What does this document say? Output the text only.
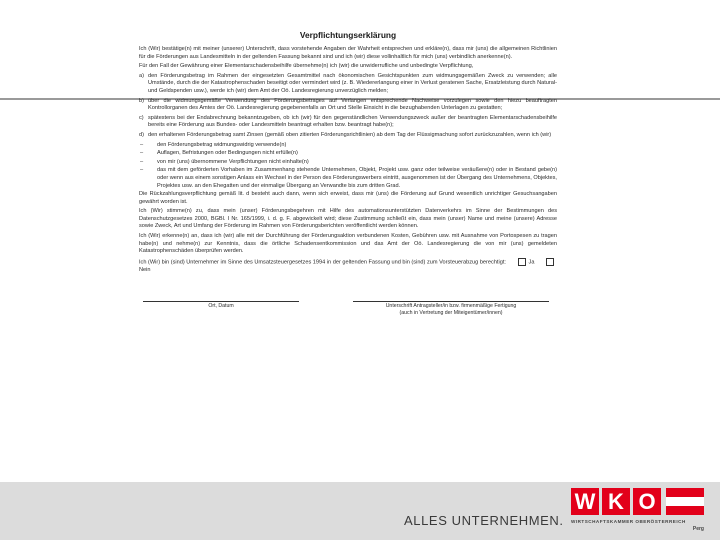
Verpflichtungserklärung

Ich (Wir) bestätige(n) mit meiner (unserer) Unterschrift, dass vorstehende Angaben der Wahrheit entsprechen und erkläre(n), dass mir (uns) die allgemeinen Richtlinien für die Förderungen aus Landesmitteln in der geltenden Fassung bekannt sind und ich (wir) diese vollinhaltlich für mich (uns) verbindlich anerkenne(n).

Für den Fall der Gewährung einer Elementarschadensbeihilfe übernehme(n) ich (wir) die unwiderrufliche und unbedingte Verpflichtung,

a) den Förderungsbetrag im Rahmen der eingesetzten Gesamtmittel nach ökonomischen Gesichtspunkten zum widmungsgemäßen Zweck zu verwenden; alle Umstände, durch die der Katastrophenschaden beseitigt oder vermindert wird (z. B. Wiedererlangung einer in Verlust geratenen Sache, Ersatzleistung durch Natural- und Geldspenden usw.), werde ich (wir) dem Amt der Oö. Landesregierung unverzüglich melden;
b) über die widmungsgemäße Verwendung des Förderungsbetrages auf Verlangen entsprechende Nachweise vorzulegen sowie den hiezu beauftragten Kontrollorganen des Amtes der Oö. Landesregierung gegebenenfalls an Ort und Stelle Einsicht in die bezughabenden Unterlagen zu gestatten;
c) spätestens bei der Endabrechnung bekanntzugeben, ob ich (wir) für den gegenständlichen Verwendungszweck außer der beantragten Elementarschadensbeihilfe bereits eine Förderung aus Bundes- oder Landesmitteln beantragt erhalten bzw. beantragt habe(n);
d) den erhaltenen Förderungsbetrag samt Zinsen (gemäß oben zitierten Förderungsrichtlinien) ab dem Tag der Flüssigmachung sofort zurückzuzahlen, wenn ich (wir)
– den Förderungsbetrag widmungswidrig verwende(n)
– Auflagen, Befristungen oder Bedingungen nicht erfülle(n)
– von mir (uns) übernommene Verpflichtungen nicht einhalte(n)
– das mit dem geförderten Vorhaben im Zusammenhang stehende Unternehmen, Objekt, Projekt usw. ganz oder teilweise veräußere(n) oder in Bestand gebe(n) oder wenn aus einem sonstigen Anlass ein Wechsel in der Person des Förderungswerbers eintritt, ausgenommen ist der Übergang des Unternehmens, Objektes, Projektes usw. an den Ehegatten und der einmalige Übergang an Verwandte bis zum dritten Grad.

Die Rückzahlungsverpflichtung gemäß lit. d besteht auch dann, wenn sich erweist, dass mir (uns) die Förderung auf Grund wesentlich unrichtiger Gesuchsangaben gewährt worden ist.

Ich (Wir) stimme(n) zu, dass mein (unser) Förderungsbegehren mit Hilfe des automationsunterstützten Datenverkehrs im Sinne der Bestimmungen des Datenschutzgesetzes 2000, BGBl. I Nr. 165/1999, i. d. g. F. abgewickelt wird; diese Zustimmung schließt ein, dass mein (unser) Name und meine (unsere) Adresse sowie Zweck, Art und Umfang der Förderung im Rahmen von Förderungsberichten veröffentlicht werden können.

Ich (Wir) erkenne(n) an, dass ich (wir) alle mit der Durchführung der Förderungsaktion verbundenen Kosten, Gebühren usw. mit Ausnahme von Portospesen zu tragen habe(n) und nehme(n) zur Kenntnis, dass die örtliche Schadensentkommission und das Amt der Oö. Landesregierung die von mir (uns) gemeldeten Katastrophenschäden überprüfen werden.

Ich (Wir) bin (sind) Unternehmer im Sinne des Umsatzsteuergesetzes 1994 in der geltenden Fassung und bin (sind) zum Vorsteuerabzug berechtigt:	Ja Nein

Ort, Datum	Unterschrift Antragsteller/in bzw. firmenmäßige Fertigung
(auch in Vertretung der Miteigentümer/innen)
ALLES UNTERNEHMEN.
W K O
WIRTSCHAFTSKAMMER OBERÖSTERREICH
Perg
